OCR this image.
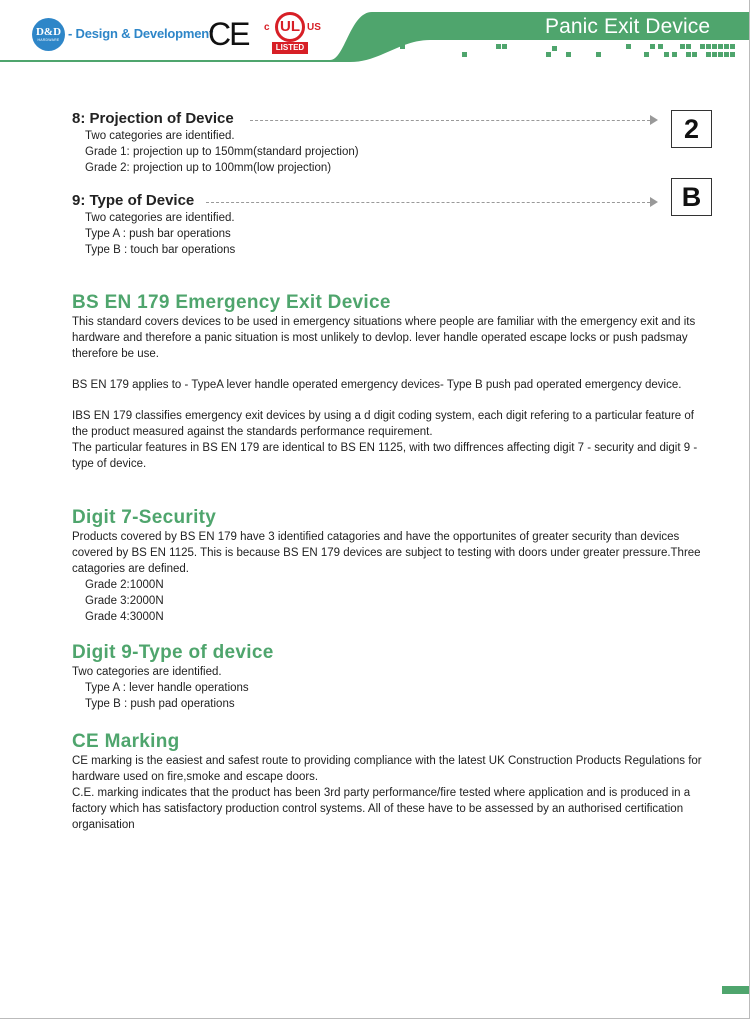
D&D
HARDWARE - Design & Development
CE c UL US
LISTED
Panic Exit Device
8: Projection of Device	2
Two categories are identified.
Grade 1: projection up to 150mm(standard projection)
Grade 2: projection up to 100mm(low projection)
9: Type of Device	B
Two categories are identified.
Type A : push bar operations
Type B : touch bar operations
BS EN 179 Emergency Exit Device
This standard covers devices to be used in emergency situations where people are familiar with the emergency exit and its hardware and therefore a panic situation is most unlikely to devlop. lever handle operated escape locks or push padsmay therefore be use.
BS EN 179 applies to - TypeA lever handle operated emergency devices- Type B push pad operated emergency device.
IBS EN 179 classifies emergency exit devices by using a d digit coding system, each digit refering to a particular feature of the product measured against the standards performance requirement.
The particular features in BS EN 179 are identical to BS EN 1125, with two diffrences affecting digit 7 - security and digit 9 - type of device.
Digit 7-Security
Products covered by BS EN 179 have 3 identified catagories and have the opportunites of greater security than devices covered by BS EN 1125. This is because BS EN 179 devices are subject to testing with doors under greater pressure.Three catagories are defined.
Grade 2:1000N
Grade 3:2000N
Grade 4:3000N
Digit 9-Type of device
Two categories are identified.
Type A : lever handle operations
Type B : push pad operations
CE Marking
CE marking is the easiest and safest route to providing compliance with the latest UK Construction Products Regulations for hardware used on fire,smoke and escape doors.
C.E. marking indicates that the product has been 3rd party performance/fire tested where application and is produced in a factory which has satisfactory production control systems. All of these have to be assessed by an authorised certification organisation
